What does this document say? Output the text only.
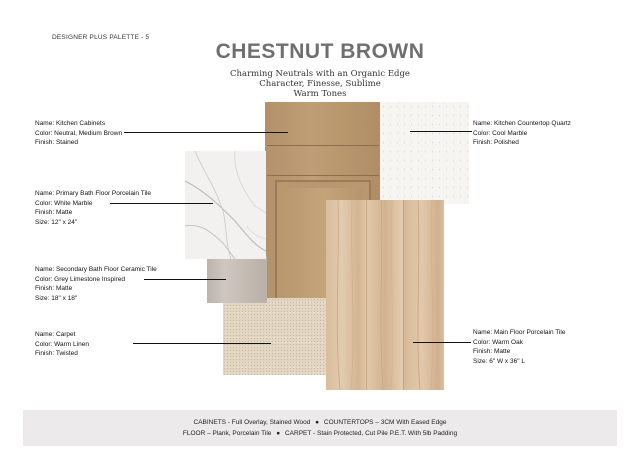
DESIGNER PLUS PALETTE - 5
CHESTNUT BROWN
Charming Neutrals with an Organic Edge
Character, Finesse, Sublime
Warm Tones
Name: Kitchen Cabinets
Color: Neutral, Medium Brown
Finish: Stained
Name: Primary Bath Floor Porcelain Tile
Color: White Marble
Finish: Matte
Size: 12" x 24"
Name: Secondary Bath Floor Ceramic Tile
Color: Grey Limestone Inspired
Finish: Matte
Size: 18" x 18"
Name: Carpet
Color: Warm Linen
Finish: Twisted
Name: Kitchen Countertop Quartz
Color: Cool Marble
Finish: Polished
Name: Main Floor Porcelain Tile
Color: Warm Oak
Finish: Matte
Size: 6" W x 36" L
CABINETS - Full Overlay, Stained Wood ● COUNTERTOPS – 3CM With Eased Edge
FLOOR – Plank, Porcelain Tile ● CARPET - Stain Protected, Cut Pile P.E.T. With 5lb Padding
